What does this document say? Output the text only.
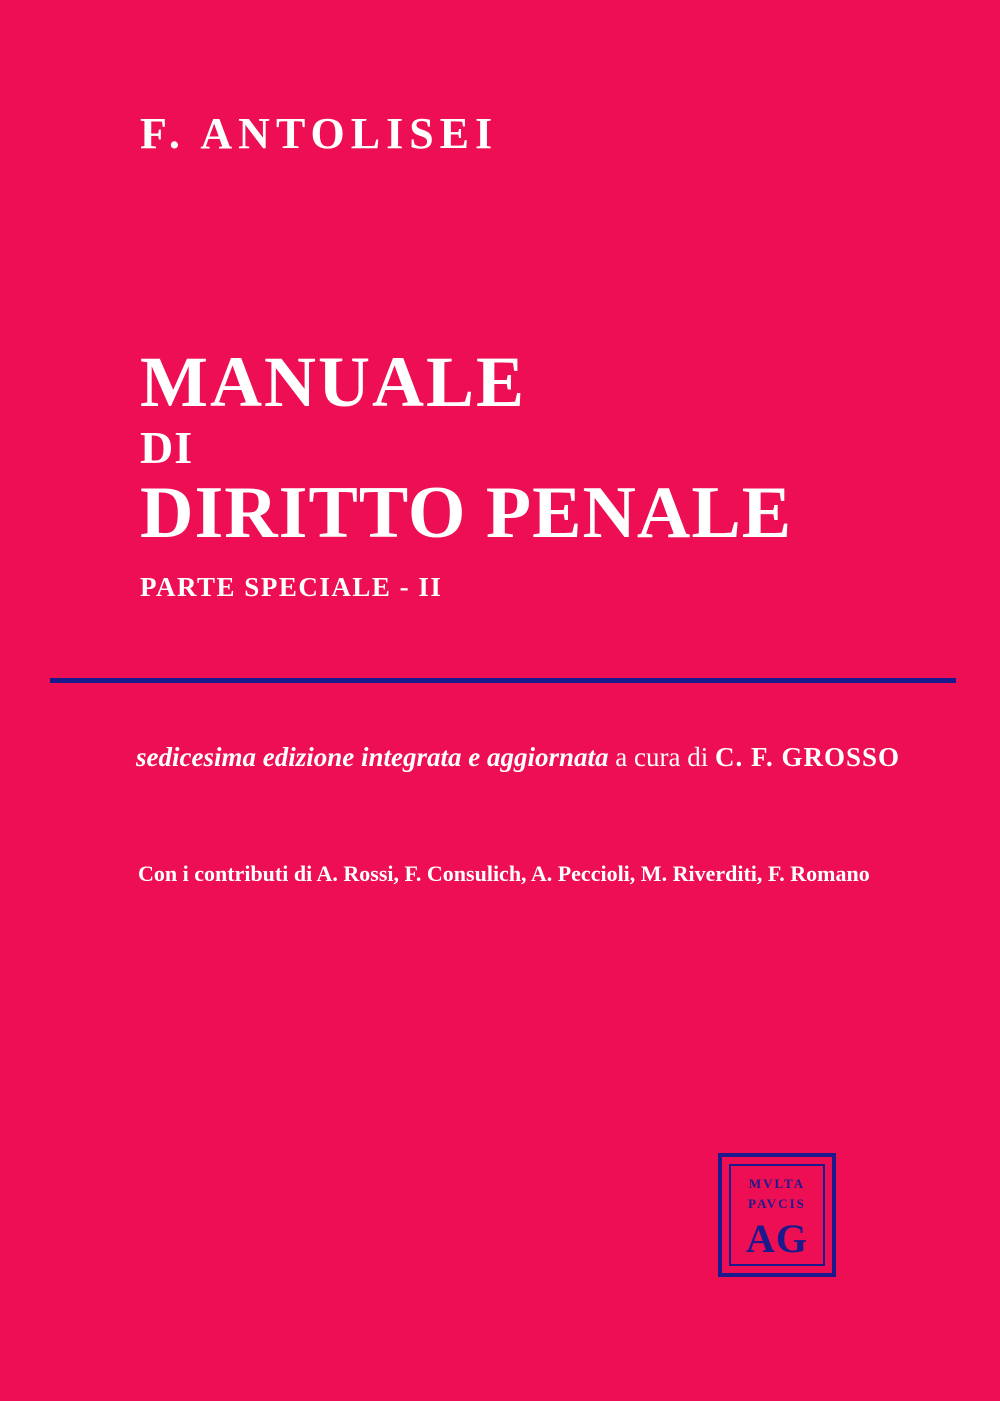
F. ANTOLISEI
MANUALE
DI
DIRITTO PENALE
PARTE SPECIALE - II
sedicesima edizione integrata e aggiornata a cura di C. F. GROSSO
Con i contributi di A. Rossi, F. Consulich, A. Peccioli, M. Riverditi, F. Romano
MVLTA
PAVCIS
AG
